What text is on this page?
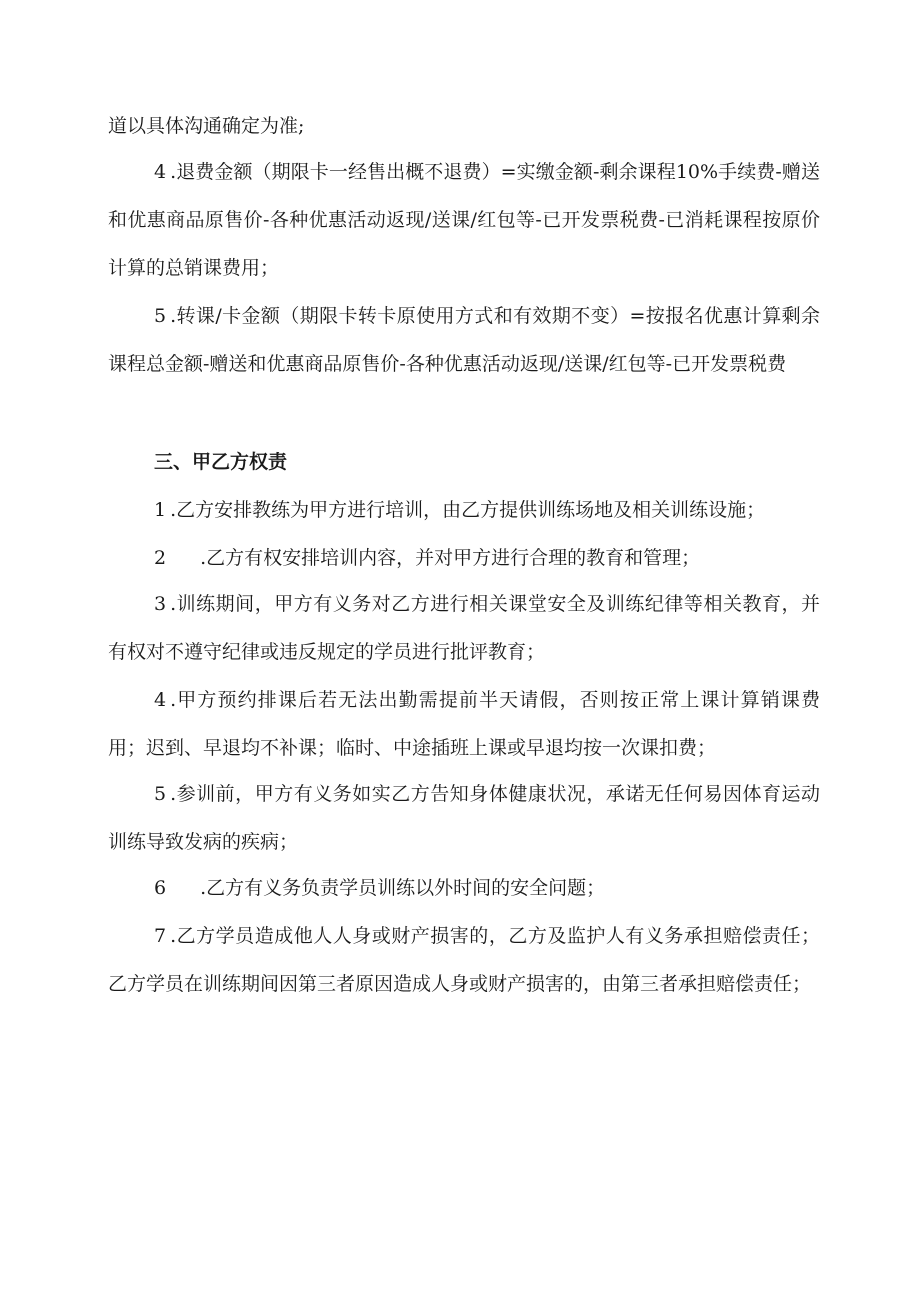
道以具体沟通确定为准;

4 .退费金额（期限卡一经售出概不退费）=实缴金额-剩余课程10%手续费-赠送和优惠商品原售价-各种优惠活动返现/送课/红包等-已开发票税费-已消耗课程按原价计算的总销课费用；

5 .转课/卡金额（期限卡转卡原使用方式和有效期不变）=按报名优惠计算剩余课程总金额-赠送和优惠商品原售价-各种优惠活动返现/送课/红包等-已开发票税费

三、甲乙方权责

1 .乙方安排教练为甲方进行培训，由乙方提供训练场地及相关训练设施；

2 .乙方有权安排培训内容，并对甲方进行合理的教育和管理；

3 .训练期间，甲方有义务对乙方进行相关课堂安全及训练纪律等相关教育，并有权对不遵守纪律或违反规定的学员进行批评教育；

4 .甲方预约排课后若无法出勤需提前半天请假，否则按正常上课计算销课费用；迟到、早退均不补课；临时、中途插班上课或早退均按一次课扣费；

5 .参训前，甲方有义务如实乙方告知身体健康状况，承诺无任何易因体育运动训练导致发病的疾病；

6 .乙方有义务负责学员训练以外时间的安全问题；

7 .乙方学员造成他人人身或财产损害的，乙方及监护人有义务承担赔偿责任；乙方学员在训练期间因第三者原因造成人身或财产损害的，由第三者承担赔偿责任；
